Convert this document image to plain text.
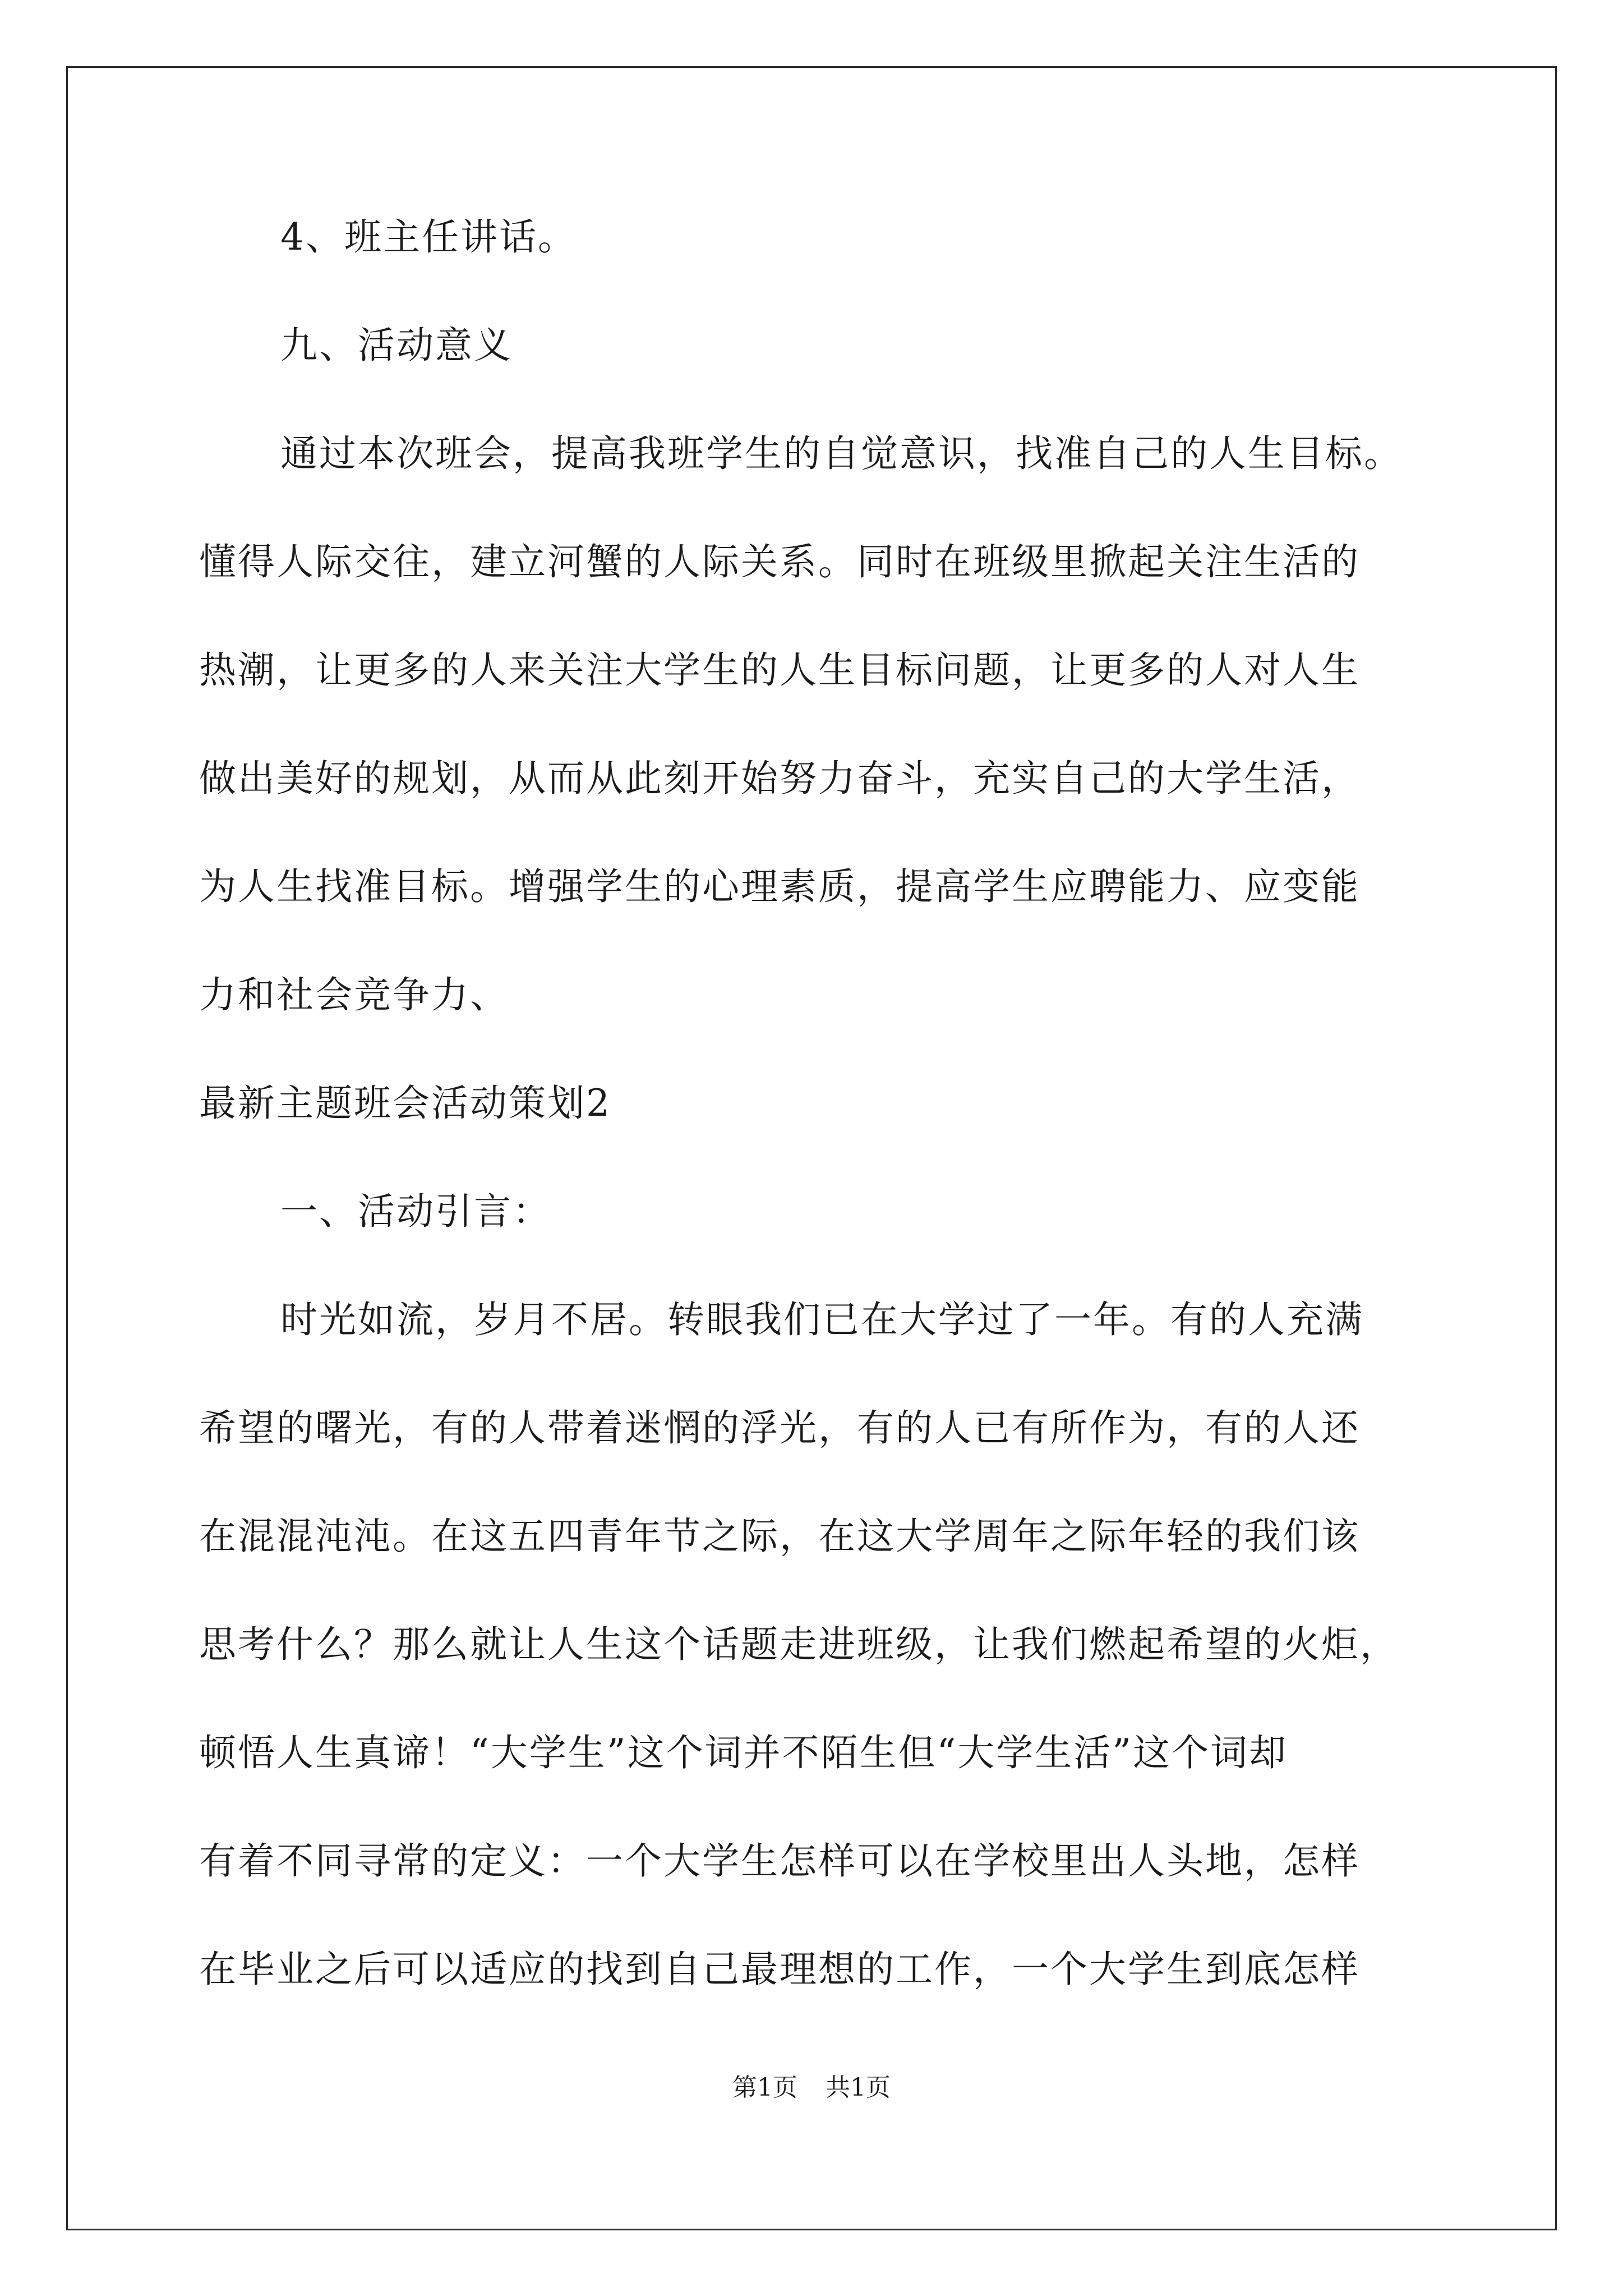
4、班主任讲话。
九、活动意义
通过本次班会，提高我班学生的自觉意识，找准自己的人生目标。
懂得人际交往，建立河蟹的人际关系。同时在班级里掀起关注生活的
热潮，让更多的人来关注大学生的人生目标问题，让更多的人对人生
做出美好的规划，从而从此刻开始努力奋斗，充实自己的大学生活，
为人生找准目标。增强学生的心理素质，提高学生应聘能力、应变能
力和社会竞争力、
最新主题班会活动策划2
一、活动引言：
时光如流，岁月不居。转眼我们已在大学过了一年。有的人充满
希望的曙光，有的人带着迷惘的浮光，有的人已有所作为，有的人还
在混混沌沌。在这五四青年节之际，在这大学周年之际年轻的我们该
思考什么？那么就让人生这个话题走进班级，让我们燃起希望的火炬，
顿悟人生真谛！“大学生”这个词并不陌生但“大学生活”这个词却
有着不同寻常的定义：一个大学生怎样可以在学校里出人头地，怎样
在毕业之后可以适应的找到自己最理想的工作，一个大学生到底怎样
第1页 共1页
